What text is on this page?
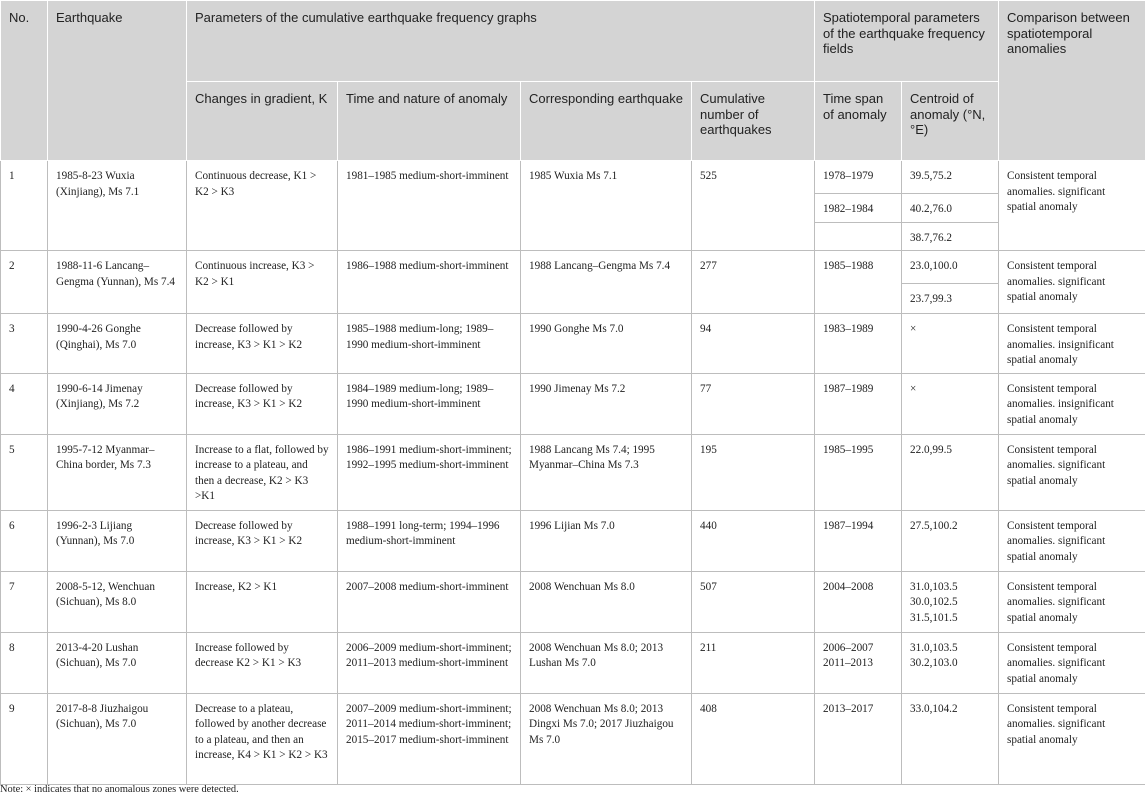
No.	Earthquake	Parameters of the cumulative earthquake frequency graphs				Spatiotemporal parameters of the earthquake frequency fields		Comparison between spatiotemporal anomalies
		Changes in gradient, K	Time and nature of anomaly	Corresponding earthquake	Cumulative number of earthquakes	Time span of anomaly	Centroid of anomaly (°N, °E)	
1	1985-8-23 Wuxia (Xinjiang), Ms 7.1	Continuous decrease, K1 > K2 > K3	1981–1985 medium-short-imminent	1985 Wuxia Ms 7.1	525	1978–1979	39.5,75.2	Consistent temporal anomalies. significant spatial anomaly
						1982–1984	40.2,76.0	
							38.7,76.2	
2	1988-11-6 Lancang–Gengma (Yunnan), Ms 7.4	Continuous increase, K3 > K2 > K1	1986–1988 medium-short-imminent	1988 Lancang–Gengma Ms 7.4	277	1985–1988	23.0,100.0	Consistent temporal anomalies. significant spatial anomaly
							23.7,99.3	
3	1990-4-26 Gonghe (Qinghai), Ms 7.0	Decrease followed by increase, K3 > K1 > K2	1985–1988 medium-long; 1989–1990 medium-short-imminent	1990 Gonghe Ms 7.0	94	1983–1989	×	Consistent temporal anomalies. insignificant spatial anomaly
4	1990-6-14 Jimenay (Xinjiang), Ms 7.2	Decrease followed by increase, K3 > K1 > K2	1984–1989 medium-long; 1989–1990 medium-short-imminent	1990 Jimenay Ms 7.2	77	1987–1989	×	Consistent temporal anomalies. insignificant spatial anomaly
5	1995-7-12 Myanmar–China border, Ms 7.3	Increase to a flat, followed by increase to a plateau, and then a decrease, K2 > K3 >K1	1986–1991 medium-short-imminent; 1992–1995 medium-short-imminent	1988 Lancang Ms 7.4; 1995 Myanmar–China Ms 7.3	195	1985–1995	22.0,99.5	Consistent temporal anomalies. significant spatial anomaly
6	1996-2-3 Lijiang (Yunnan), Ms 7.0	Decrease followed by increase, K3 > K1 > K2	1988–1991 long-term; 1994–1996 medium-short-imminent	1996 Lijian Ms 7.0	440	1987–1994	27.5,100.2	Consistent temporal anomalies. significant spatial anomaly
7	2008-5-12, Wenchuan (Sichuan), Ms 8.0	Increase, K2 > K1	2007–2008 medium-short-imminent	2008 Wenchuan Ms 8.0	507	2004–2008	31.0,103.5 30.0,102.5 31.5,101.5	Consistent temporal anomalies. significant spatial anomaly
8	2013-4-20 Lushan (Sichuan), Ms 7.0	Increase followed by decrease K2 > K1 > K3	2006–2009 medium-short-imminent; 2011–2013 medium-short-imminent	2008 Wenchuan Ms 8.0; 2013 Lushan Ms 7.0	211	2006–2007 2011–2013	31.0,103.5 30.2,103.0	Consistent temporal anomalies. significant spatial anomaly
9	2017-8-8 Jiuzhaigou (Sichuan), Ms 7.0	Decrease to a plateau, followed by another decrease to a plateau, and then an increase, K4 > K1 > K2 > K3	2007–2009 medium-short-imminent; 2011–2014 medium-short-imminent; 2015–2017 medium-short-imminent	2008 Wenchuan Ms 8.0; 2013 Dingxi Ms 7.0; 2017 Jiuzhaigou Ms 7.0	408	2013–2017	33.0,104.2	Consistent temporal anomalies. significant spatial anomaly
Note: × indicates that no anomalous zones were detected.
